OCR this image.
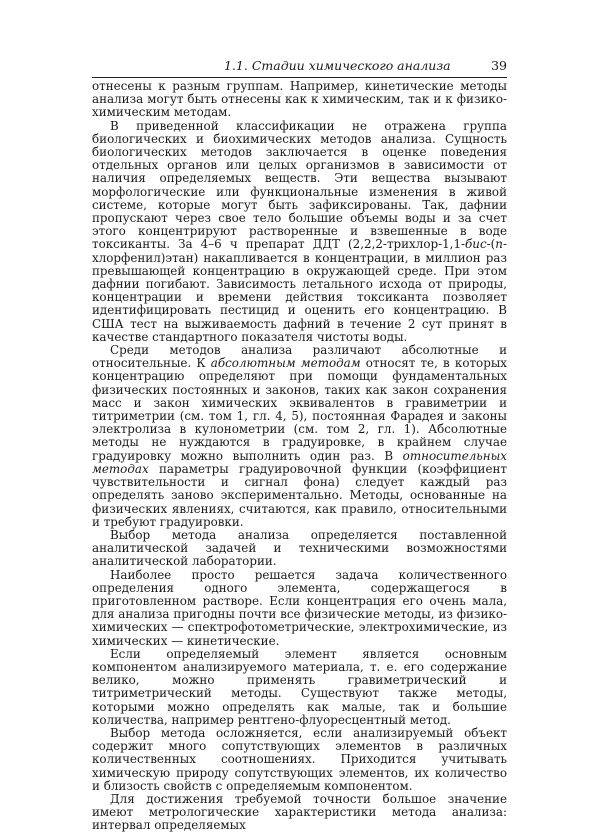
1.1. Стадии химического анализа	39

отнесены к разным группам. Например, кинетические методы анализа могут быть отнесены как к химическим, так и к физико-химическим методам.

В приведенной классификации не отражена группа биологических и биохимических методов анализа. Сущность биологических методов заключается в оценке поведения отдельных органов или целых организмов в зависимости от наличия определяемых веществ. Эти вещества вызывают морфологические или функциональные изменения в живой системе, которые могут быть зафиксированы. Так, дафнии пропускают через свое тело большие объемы воды и за счет этого концентрируют растворенные и взвешенные в воде токсиканты. За 4–6 ч препарат ДДТ (2,2,2-трихлор-1,1-бис-(п-хлорфенил)этан) накапливается в концентрации, в миллион раз превышающей концентрацию в окружающей среде. При этом дафнии погибают. Зависимость летального исхода от природы, концентрации и времени действия токсиканта позволяет идентифицировать пестицид и оценить его концентрацию. В США тест на выживаемость дафний в течение 2 сут принят в качестве стандартного показателя чистоты воды.

Среди методов анализа различают абсолютные и относительные. К абсолютным методам относят те, в которых концентрацию определяют при помощи фундаментальных физических постоянных и законов, таких как закон сохранения масс и закон химических эквивалентов в гравиметрии и титриметрии (см. том 1, гл. 4, 5), постоянная Фарадея и законы электролиза в кулонометрии (см. том 2, гл. 1). Абсолютные методы не нуждаются в градуировке, в крайнем случае градуировку можно выполнить один раз. В относительных методах параметры градуировочной функции (коэффициент чувствительности и сигнал фона) следует каждый раз определять заново экспериментально. Методы, основанные на физических явлениях, считаются, как правило, относительными и требуют градуировки.

Выбор метода анализа определяется поставленной аналитической задачей и техническими возможностями аналитической лаборатории.

Наиболее просто решается задача количественного определения одного элемента, содержащегося в приготовленном растворе. Если концентрация его очень мала, для анализа пригодны почти все физические методы, из физико-химических — спектрофотометрические, электрохимические, из химических — кинетические.

Если определяемый элемент является основным компонентом анализируемого материала, т. е. его содержание велико, можно применять гравиметрический и титриметрический методы. Существуют также методы, которыми можно определять как малые, так и большие количества, например рентгено-флуоресцентный метод.

Выбор метода осложняется, если анализируемый объект содержит много сопутствующих элементов в различных количественных соотношениях. Приходится учитывать химическую природу сопутствующих элементов, их количество и близость свойств с определяемым компонентом.

Для достижения требуемой точности большое значение имеют метрологические характеристики метода анализа: интервал определяемых
